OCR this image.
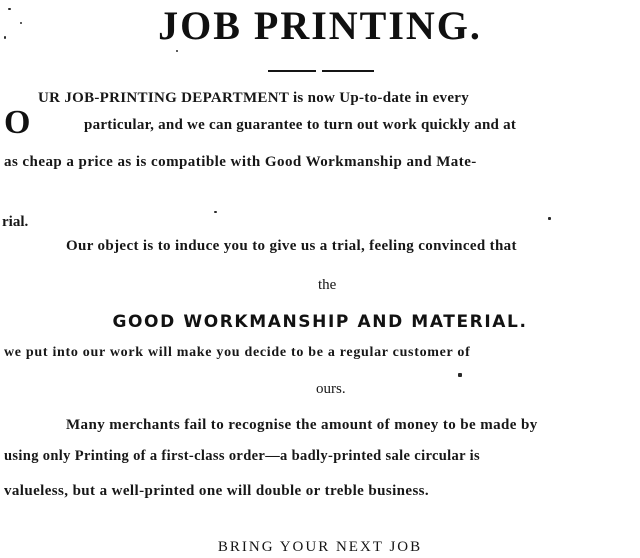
JOB PRINTING.
O
UR JOB-PRINTING DEPARTMENT is now Up-to-date in every
particular, and we can guarantee to turn out work quickly and at
as cheap a price as is compatible with Good Workmanship and Mate-
rial.
Our object is to induce you to give us a trial, feeling convinced that
the
GOOD WORKMANSHIP AND MATERIAL.
we put into our work will make you decide to be a regular customer of
ours.
Many merchants fail to recognise the amount of money to be made by
using only Printing of a first-class order—a badly-printed sale circular is
valueless, but a well-printed one will double or treble business.
BRING YOUR NEXT JOB
